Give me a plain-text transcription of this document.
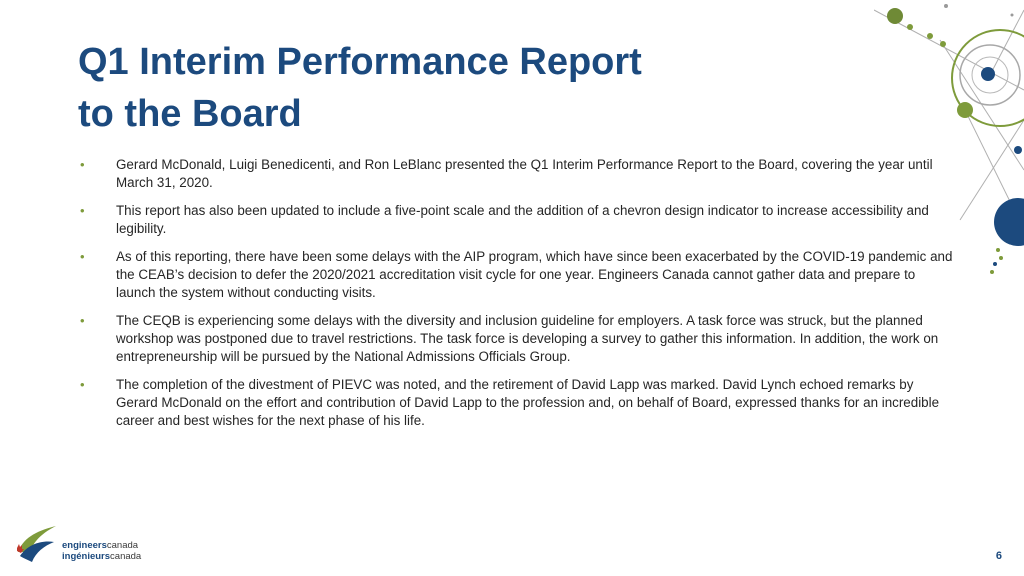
Q1 Interim Performance Report
to the Board
• Gerard McDonald, Luigi Benedicenti, and Ron LeBlanc presented the Q1 Interim Performance Report to the Board, covering the year until March 31, 2020.
• This report has also been updated to include a five-point scale and the addition of a chevron design indicator to increase accessibility and legibility.
• As of this reporting, there have been some delays with the AIP program, which have since been exacerbated by the COVID-19 pandemic and the CEAB’s decision to defer the 2020/2021 accreditation visit cycle for one year. Engineers Canada cannot gather data and prepare to launch the system without conducting visits.
• The CEQB is experiencing some delays with the diversity and inclusion guideline for employers. A task force was struck, but the planned workshop was postponed due to travel restrictions. The task force is developing a survey to gather this information. In addition, the work on entrepreneurship will be pursued by the National Admissions Officials Group.
• The completion of the divestment of PIEVC was noted, and the retirement of David Lapp was marked. David Lynch echoed remarks by Gerard McDonald on the effort and contribution of David Lapp to the profession and, on behalf of Board, expressed thanks for an incredible career and best wishes for the next phase of his life.
engineerscanada
ingénieurscanada	6
